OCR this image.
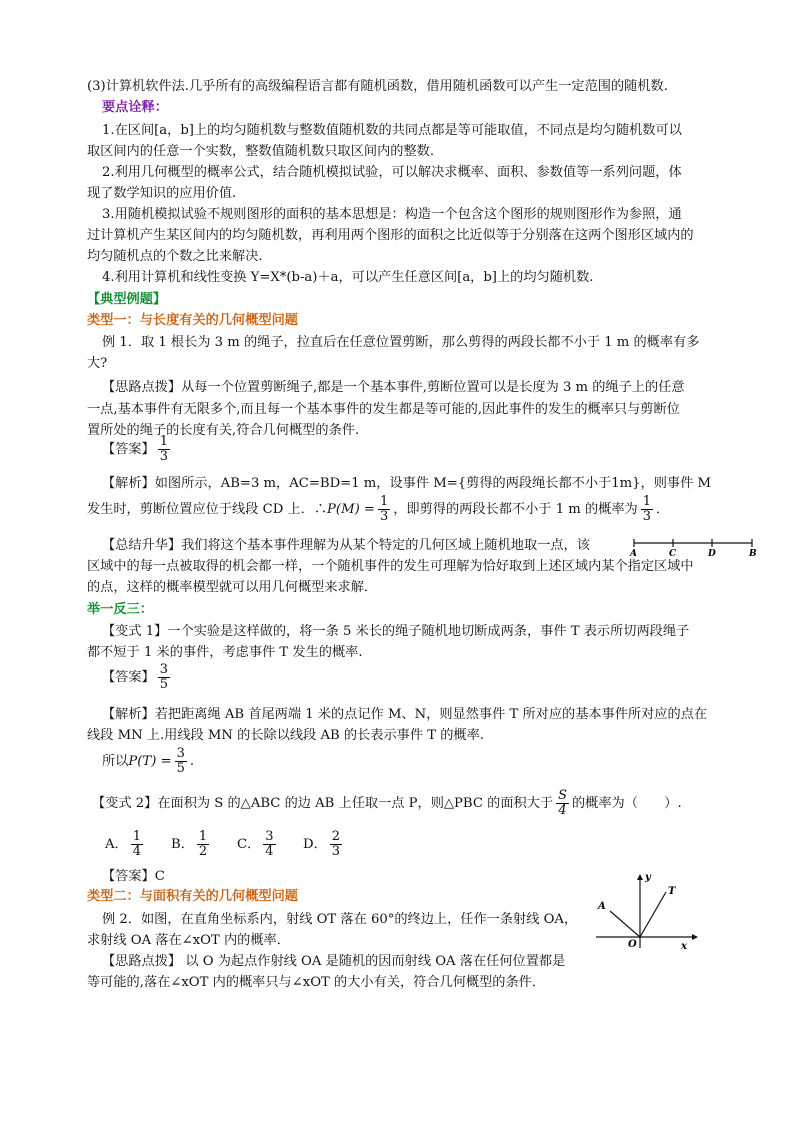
(3)计算机软件法.几乎所有的高级编程语言都有随机函数，借用随机函数可以产生一定范围的随机数.
要点诠释：
1.在区间[a，b]上的均匀随机数与整数值随机数的共同点都是等可能取值，不同点是均匀随机数可以
取区间内的任意一个实数，整数值随机数只取区间内的整数.
2.利用几何概型的概率公式，结合随机模拟试验，可以解决求概率、面积、参数值等一系列问题，体
现了数学知识的应用价值.
3.用随机模拟试验不规则图形的面积的基本思想是：构造一个包含这个图形的规则图形作为参照，通
过计算机产生某区间内的均匀随机数，再利用两个图形的面积之比近似等于分别落在这两个图形区域内的
均匀随机点的个数之比来解决.
4.利用计算机和线性变换 Y=X*(b-a)＋a，可以产生任意区间[a，b]上的均匀随机数.
【典型例题】
类型一：与长度有关的几何概型问题
例 1．取 1 根长为 3 m 的绳子，拉直后在任意位置剪断，那么剪得的两段长都不小于 1 m 的概率有多
大?
【思路点拨】从每一个位置剪断绳子,都是一个基本事件,剪断位置可以是长度为 3 m 的绳子上的任意
一点,基本事件有无限多个,而且每一个基本事件的发生都是等可能的,因此事件的发生的概率只与剪断位
置所处的绳子的长度有关,符合几何概型的条件.
【答案】 $\frac{1}{3}$
【解析】如图所示，AB=3 m，AC=BD=1 m，设事件 M={剪得的两段绳长都不小于1m}，则事件 M
发生时，剪断位置应位于线段 CD 上．∴P(M) = $\frac{1}{3}$ ，即剪得的两段长都不小于 1 m 的概率为 $\frac{1}{3}$ ．
【总结升华】我们将这个基本事件理解为从某个特定的几何区域上随机地取一点，该
区域中的每一点被取得的机会都一样，一个随机事件的发生可理解为恰好取到上述区域内某个指定区域中
的点，这样的概率模型就可以用几何概型来求解．
A	C	D	B
举一反三：
【变式 1】一个实验是这样做的，将一条 5 米长的绳子随机地切断成两条，事件 T 表示所切两段绳子
都不短于 1 米的事件，考虑事件 T 发生的概率.
【答案】 $\frac{3}{5}$
【解析】若把距离绳 AB 首尾两端 1 米的点记作 M、N，则显然事件 T 所对应的基本事件所对应的点在
线段 MN 上.用线段 MN 的长除以线段 AB 的长表示事件 T 的概率.
所以$P(T) = \frac{3}{5}$ .
【变式 2】在面积为 S 的△ABC 的边 AB 上任取一点 P，则△PBC 的面积大于 $\frac{S}{4}$ 的概率为（　　）.
A． $\frac{1}{4}$ B． $\frac{1}{2}$ C． $\frac{3}{4}$ D． $\frac{2}{3}$
【答案】C
类型二：与面积有关的几何概型问题
例 2．如图，在直角坐标系内，射线 OT 落在 60°的终边上，任作一条射线 OA，
求射线 OA 落在∠xOT 内的概率．
【思路点拨】 以 O 为起点作射线 OA 是随机的因而射线 OA 落在任何位置都是
等可能的,落在∠xOT 内的概率只与∠xOT 的大小有关，符合几何概型的条件．
y
T
A
O	x
